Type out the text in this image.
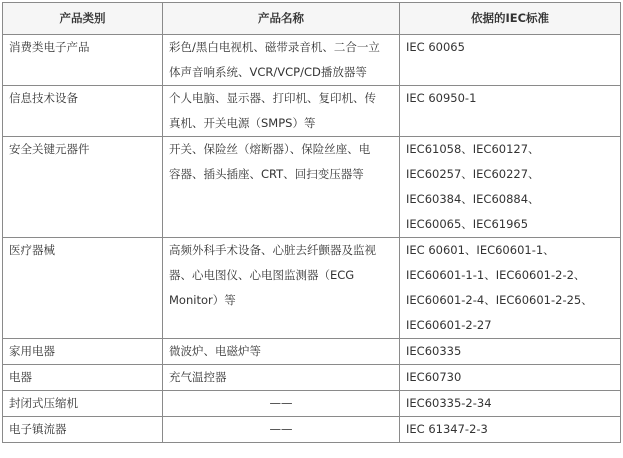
产品类别	产品名称	依据的IEC标准

消费类电子产品	彩色/黑白电视机、磁带录音机、二合一立
体声音响系统、VCR/VCP/CD播放器等	IEC 60065

信息技术设备	个人电脑、显示器、打印机、复印机、传
真机、开关电源（SMPS）等	IEC 60950-1

安全关键元器件	开关、保险丝（熔断器）、保险丝座、电
容器、插头插座、CRT、回扫变压器等	IEC61058、IEC60127、
IEC60257、IEC60227、
IEC60384、IEC60884、
IEC60065、IEC61965

医疗器械	高频外科手术设备、心脏去纤颤器及监视
器、心电图仪、心电图监测器（ECG
Monitor）等	IEC 60601、IEC60601-1、
IEC60601-1-1、IEC60601-2-2、
IEC60601-2-4、IEC60601-2-25、
IEC60601-2-27

家用电器	微波炉、电磁炉等	IEC60335

电器	充气温控器	IEC60730

封闭式压缩机	——	IEC60335-2-34

电子镇流器	——	IEC 61347-2-3
